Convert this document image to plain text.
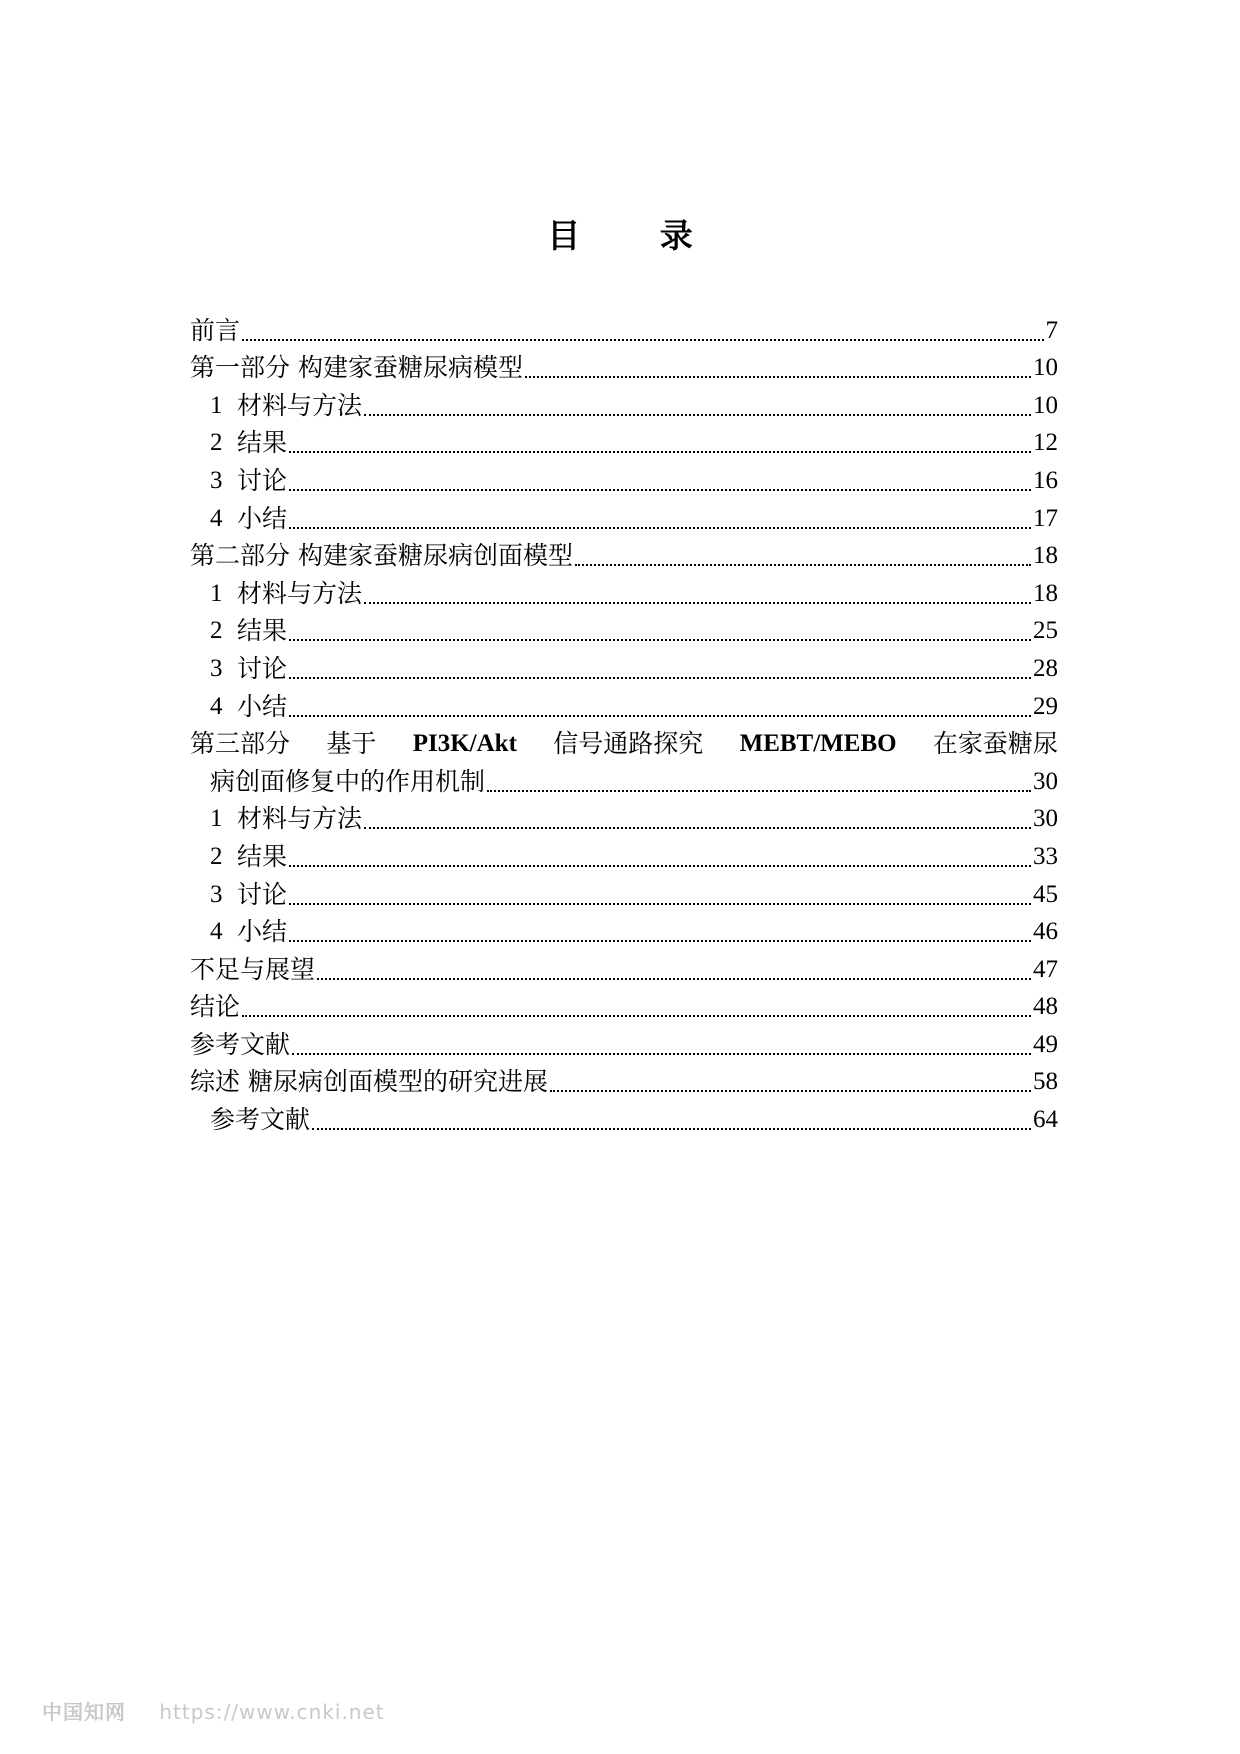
目 录
前言	7
第一部分 构建家蚕糖尿病模型	10
1 材料与方法	10
2 结果	12
3 讨论	16
4 小结	17
第二部分 构建家蚕糖尿病创面模型	18
1 材料与方法	18
2 结果	25
3 讨论	28
4 小结	29
第三部分 基于 PI3K/Akt 信号通路探究 MEBT/MEBO 在家蚕糖尿
病创面修复中的作用机制	30
1 材料与方法	30
2 结果	33
3 讨论	45
4 小结	46
不足与展望	47
结论	48
参考文献	49
综述 糖尿病创面模型的研究进展	58
参考文献	64
中国知网 https://www.cnki.net
